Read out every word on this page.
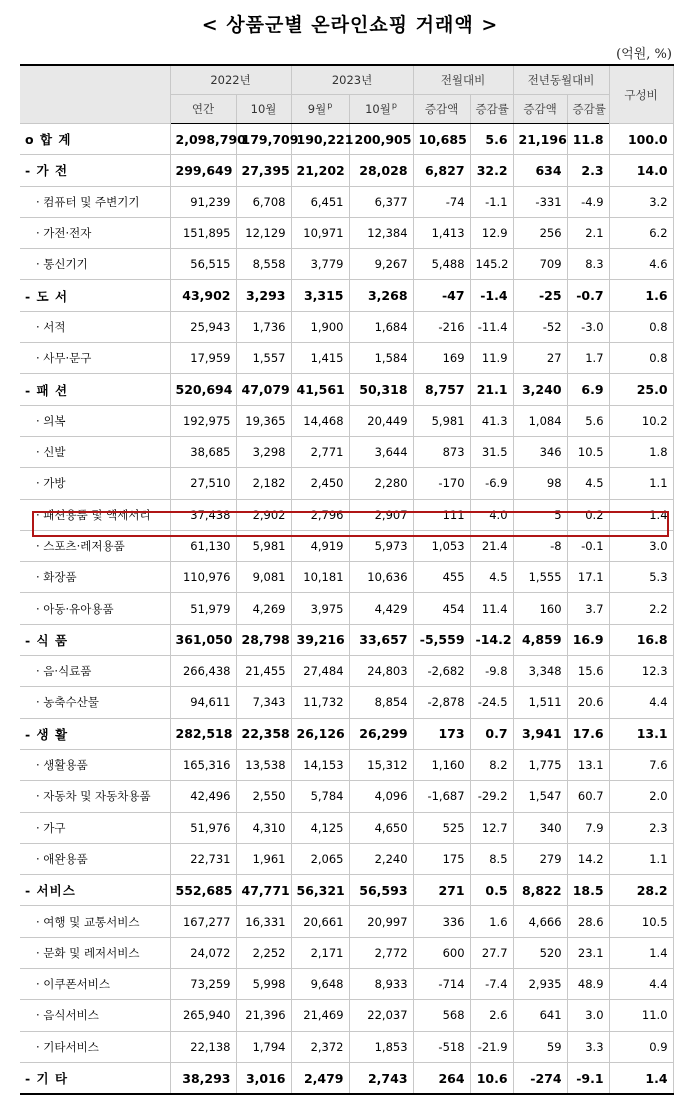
< 상품군별 온라인쇼핑 거래액 >
(억원, %)
	2022년		2023년		전월대비		전년동월대비		구성비
	연간	10월	9월$^p$	10월$^p$	증감액	증감률	증감액	증감률	
o 합 계	2,098,790	179,709	190,221	200,905	10,685	5.6	21,196	11.8	100.0
- 가 전	299,649	27,395	21,202	28,028	6,827	32.2	634	2.3	14.0
· 컴퓨터 및 주변기기	91,239	6,708	6,451	6,377	-74	-1.1	-331	-4.9	3.2
· 가전·전자	151,895	12,129	10,971	12,384	1,413	12.9	256	2.1	6.2
· 통신기기	56,515	8,558	3,779	9,267	5,488	145.2	709	8.3	4.6
- 도 서	43,902	3,293	3,315	3,268	-47	-1.4	-25	-0.7	1.6
· 서적	25,943	1,736	1,900	1,684	-216	-11.4	-52	-3.0	0.8
· 사무·문구	17,959	1,557	1,415	1,584	169	11.9	27	1.7	0.8
- 패 션	520,694	47,079	41,561	50,318	8,757	21.1	3,240	6.9	25.0
· 의복	192,975	19,365	14,468	20,449	5,981	41.3	1,084	5.6	10.2
· 신발	38,685	3,298	2,771	3,644	873	31.5	346	10.5	1.8
· 가방	27,510	2,182	2,450	2,280	-170	-6.9	98	4.5	1.1
· 패션용품 및 액세서리	37,438	2,902	2,796	2,907	111	4.0	5	0.2	1.4
· 스포츠·레저용품	61,130	5,981	4,919	5,973	1,053	21.4	-8	-0.1	3.0
· 화장품	110,976	9,081	10,181	10,636	455	4.5	1,555	17.1	5.3
· 아동·유아용품	51,979	4,269	3,975	4,429	454	11.4	160	3.7	2.2
- 식 품	361,050	28,798	39,216	33,657	-5,559	-14.2	4,859	16.9	16.8
· 음·식료품	266,438	21,455	27,484	24,803	-2,682	-9.8	3,348	15.6	12.3
· 농축수산물	94,611	7,343	11,732	8,854	-2,878	-24.5	1,511	20.6	4.4
- 생 활	282,518	22,358	26,126	26,299	173	0.7	3,941	17.6	13.1
· 생활용품	165,316	13,538	14,153	15,312	1,160	8.2	1,775	13.1	7.6
· 자동차 및 자동차용품	42,496	2,550	5,784	4,096	-1,687	-29.2	1,547	60.7	2.0
· 가구	51,976	4,310	4,125	4,650	525	12.7	340	7.9	2.3
· 애완용품	22,731	1,961	2,065	2,240	175	8.5	279	14.2	1.1
- 서비스	552,685	47,771	56,321	56,593	271	0.5	8,822	18.5	28.2
· 여행 및 교통서비스	167,277	16,331	20,661	20,997	336	1.6	4,666	28.6	10.5
· 문화 및 레저서비스	24,072	2,252	2,171	2,772	600	27.7	520	23.1	1.4
· 이쿠폰서비스	73,259	5,998	9,648	8,933	-714	-7.4	2,935	48.9	4.4
· 음식서비스	265,940	21,396	21,469	22,037	568	2.6	641	3.0	11.0
· 기타서비스	22,138	1,794	2,372	1,853	-518	-21.9	59	3.3	0.9
- 기 타	38,293	3,016	2,479	2,743	264	10.6	-274	-9.1	1.4
